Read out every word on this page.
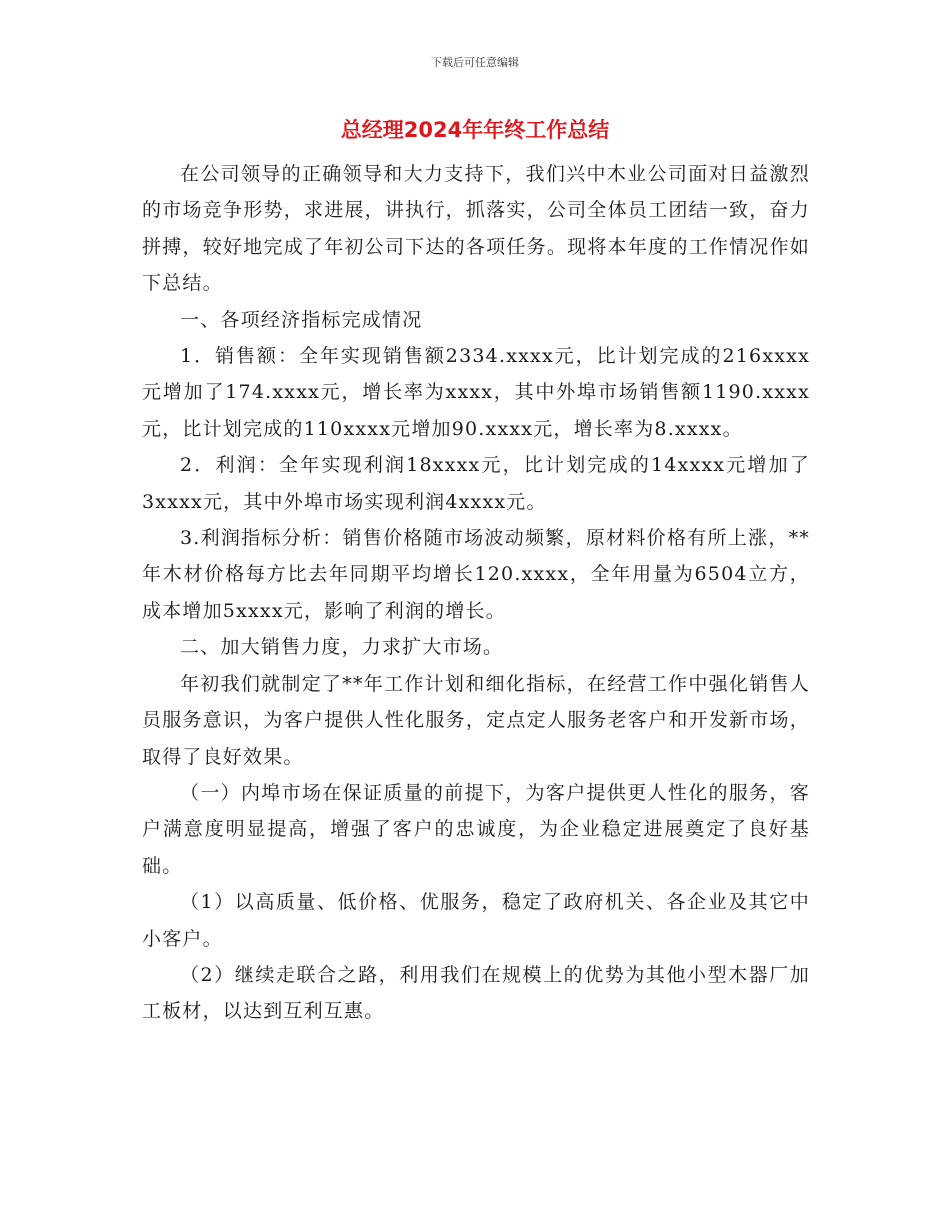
下载后可任意编辑
总经理2024年年终工作总结

在公司领导的正确领导和大力支持下，我们兴中木业公司面对日益激烈的市场竞争形势，求进展，讲执行，抓落实，公司全体员工团结一致，奋力拼搏，较好地完成了年初公司下达的各项任务。现将本年度的工作情况作如下总结。

一、各项经济指标完成情况

1．销售额：全年实现销售额2334.xxxx元，比计划完成的216xxxx元增加了174.xxxx元，增长率为xxxx，其中外埠市场销售额1190.xxxx元，比计划完成的110xxxx元增加90.xxxx元，增长率为8.xxxx。

2．利润：全年实现利润18xxxx元，比计划完成的14xxxx元增加了3xxxx元，其中外埠市场实现利润4xxxx元。

3.利润指标分析：销售价格随市场波动频繁，原材料价格有所上涨，**年木材价格每方比去年同期平均增长120.xxxx，全年用量为6504立方，成本增加5xxxx元，影响了利润的增长。

二、加大销售力度，力求扩大市场。

年初我们就制定了**年工作计划和细化指标，在经营工作中强化销售人员服务意识，为客户提供人性化服务，定点定人服务老客户和开发新市场，取得了良好效果。

（一）内埠市场在保证质量的前提下，为客户提供更人性化的服务，客户满意度明显提高，增强了客户的忠诚度，为企业稳定进展奠定了良好基础。

（1）以高质量、低价格、优服务，稳定了政府机关、各企业及其它中小客户。

（2）继续走联合之路，利用我们在规模上的优势为其他小型木器厂加工板材，以达到互利互惠。
